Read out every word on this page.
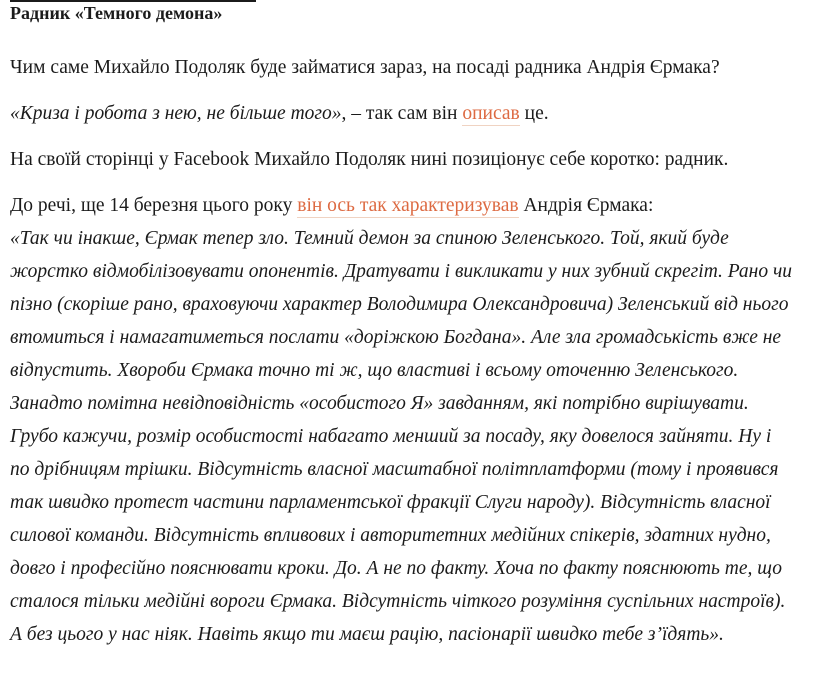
Радник «Темного демона»

Чим саме Михайло Подоляк буде займатися зараз, на посаді радника Андрія Єрмака?

«Криза і робота з нею, не більше того», – так сам він описав це.

На своїй сторінці у Facebook Михайло Подоляк нині позиціонує себе коротко: радник.

До речі, ще 14 березня цього року він ось так характеризував Андрія Єрмака:
«Так чи інакше, Єрмак тепер зло. Темний демон за спиною Зеленського. Той, який буде жорстко відмобілізовувати опонентів. Дратувати і викликати у них зубний скрегіт. Рано чи пізно (скоріше рано, враховуючи характер Володимира Олександровича) Зеленський від нього втомиться і намагатиметься послати «доріжкою Богдана». Але зла громадськість вже не відпустить. Хвороби Єрмака точно ті ж, що властиві і всьому оточенню Зеленського. Занадто помітна невідповідність «особистого Я» завданням, які потрібно вирішувати. Грубо кажучи, розмір особистості набагато менший за посаду, яку довелося зайняти. Ну і по дрібницям трішки. Відсутність власної масштабної політплатформи (тому і проявився так швидко протест частини парламентської фракції Слуги народу). Відсутність власної силової команди. Відсутність впливових і авторитетних медійних спікерів, здатних нудно, довго і професійно пояснювати кроки. До. А не по факту. Хоча по факту пояснюють те, що сталося тільки медійні вороги Єрмака. Відсутність чіткого розуміння суспільних настроїв). А без цього у нас ніяк. Навіть якщо ти маєш рацію, пасіонарії швидко тебе з’їдять».
